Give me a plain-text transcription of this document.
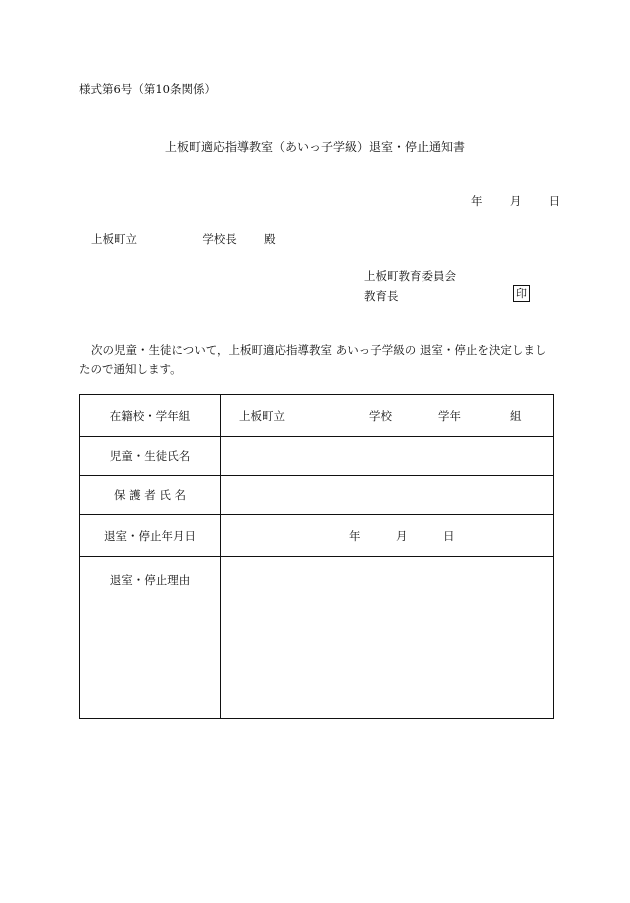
様式第6号（第10条関係）
上板町適応指導教室（あいっ子学級）退室・停止通知書
年 月 日
上板町立	学校長 殿
上板町教育委員会
教育長	印
次の児童・生徒について，上板町適応指導教室 あいっ子学級の 退室・停止を決定しましたので通知します。
在籍校・学年組	上板町立 学校 学年 組

児童・生徒氏名	
保 護 者 氏 名	
退室・停止年月日	年 月 日

退室・停止理由	
